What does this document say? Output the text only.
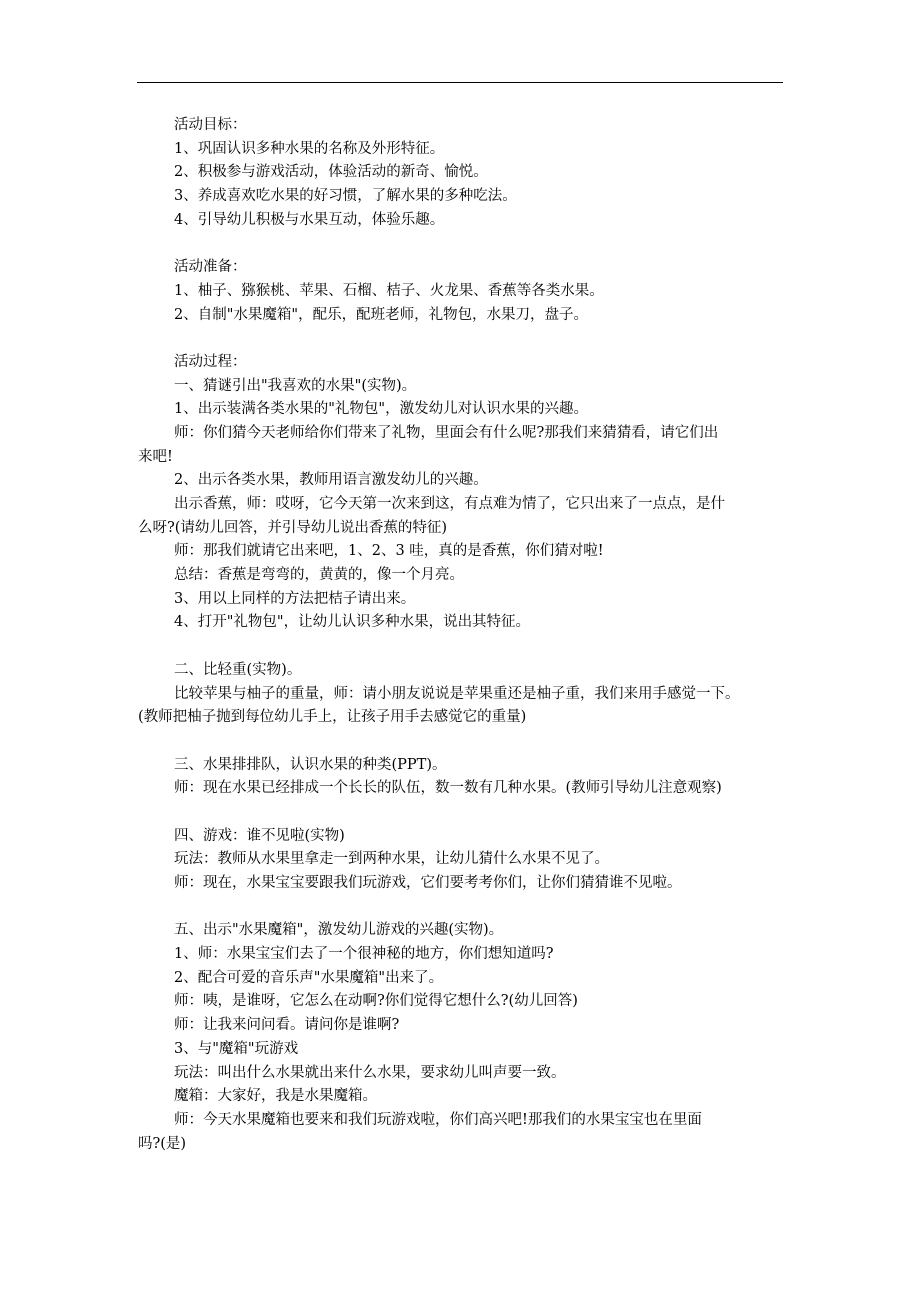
活动目标：
1、巩固认识多种水果的名称及外形特征。
2、积极参与游戏活动，体验活动的新奇、愉悦。
3、养成喜欢吃水果的好习惯，了解水果的多种吃法。
4、引导幼儿积极与水果互动，体验乐趣。
活动准备：
1、柚子、猕猴桃、苹果、石榴、桔子、火龙果、香蕉等各类水果。
2、自制"水果魔箱"，配乐，配班老师，礼物包，水果刀，盘子。
活动过程：
一、猜谜引出"我喜欢的水果"(实物)。
1、出示装满各类水果的"礼物包"，激发幼儿对认识水果的兴趣。
师：你们猜今天老师给你们带来了礼物，里面会有什么呢?那我们来猜猜看，请它们出
来吧!
2、出示各类水果，教师用语言激发幼儿的兴趣。
出示香蕉，师：哎呀，它今天第一次来到这，有点难为情了，它只出来了一点点，是什
么呀?(请幼儿回答，并引导幼儿说出香蕉的特征)
师：那我们就请它出来吧，1、2、3 哇，真的是香蕉，你们猜对啦!
总结：香蕉是弯弯的，黄黄的，像一个月亮。
3、用以上同样的方法把桔子请出来。
4、打开"礼物包"，让幼儿认识多种水果，说出其特征。
二、比轻重(实物)。
比较苹果与柚子的重量，师：请小朋友说说是苹果重还是柚子重，我们来用手感觉一下。
(教师把柚子抛到每位幼儿手上，让孩子用手去感觉它的重量)
三、水果排排队，认识水果的种类(PPT)。
师：现在水果已经排成一个长长的队伍，数一数有几种水果。(教师引导幼儿注意观察)
四、游戏：谁不见啦(实物)
玩法：教师从水果里拿走一到两种水果，让幼儿猜什么水果不见了。
师：现在，水果宝宝要跟我们玩游戏，它们要考考你们，让你们猜猜谁不见啦。
五、出示"水果魔箱"，激发幼儿游戏的兴趣(实物)。
1、师：水果宝宝们去了一个很神秘的地方，你们想知道吗?
2、配合可爱的音乐声"水果魔箱"出来了。
师：咦，是谁呀，它怎么在动啊?你们觉得它想什么?(幼儿回答)
师：让我来问问看。请问你是谁啊?
3、与"魔箱"玩游戏
玩法：叫出什么水果就出来什么水果，要求幼儿叫声要一致。
魔箱：大家好，我是水果魔箱。
师：今天水果魔箱也要来和我们玩游戏啦，你们高兴吧!那我们的水果宝宝也在里面
吗?(是)
